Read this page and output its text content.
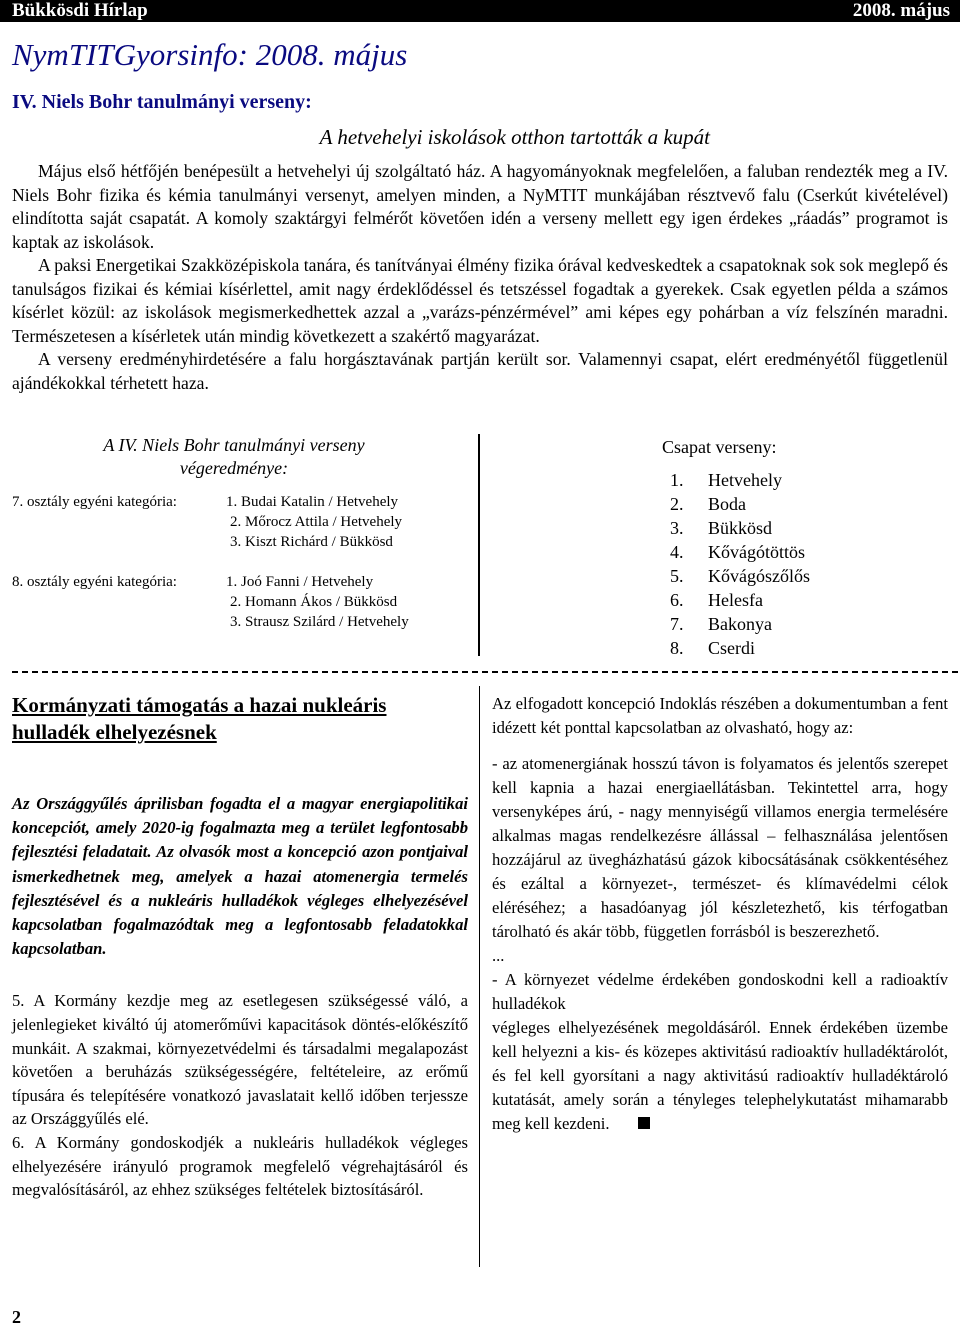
Bükkösdi Hírlap	2008. május
NymTITGyorsinfo: 2008. május
IV. Niels Bohr tanulmányi verseny:
A hetvehelyi iskolások otthon tartották a kupát

Május első hétfőjén benépesült a hetvehelyi új szolgáltató ház. A hagyományoknak megfelelően, a faluban rendezték meg a IV. Niels Bohr fizika és kémia tanulmányi versenyt, amelyen minden, a NyMTIT munkájában résztvevő falu (Cserkút kivételével) elindította saját csapatát. A komoly szaktárgyi felmérőt követően idén a verseny mellett egy igen érdekes „ráadás” programot is kaptak az iskolások.

A paksi Energetikai Szakközépiskola tanára, és tanítványai élmény fizika órával kedveskedtek a csapatoknak sok sok meglepő és tanulságos fizikai és kémiai kísérlettel, amit nagy érdeklődéssel és tetszéssel fogadtak a gyerekek. Csak egyetlen példa a számos kísérlet közül: az iskolások megismerkedhettek azzal a „varázs-pénzérmével” ami képes egy pohárban a víz felszínén maradni. Természetesen a kísérletek után mindig következett a szakértő magyarázat.

A verseny eredményhirdetésére a falu horgásztavának partján került sor. Valamennyi csapat, elért eredményétől függetlenül ajándékokkal térhetett haza.

A IV. Niels Bohr tanulmányi verseny
végeredménye:
7. osztály egyéni kategória:	1. Budai Katalin / Hetvehely
2. Mőrocz Attila / Hetvehely
3. Kiszt Richárd / Bükkösd
8. osztály egyéni kategória:	1. Joó Fanni / Hetvehely
2. Homann Ákos / Bükkösd
3. Strausz Szilárd / Hetvehely
Csapat verseny:
1. Hetvehely
2. Boda
3. Bükkösd
4. Kővágótöttös
5. Kővágószőlős
6. Helesfa
7. Bakonya
8. Cserdi
Kormányzati támogatás a hazai nukleáris hulladék elhelyezésnek
Az Országgyűlés áprilisban fogadta el a magyar energiapolitikai koncepciót, amely 2020-ig fogalmazta meg a terület legfontosabb fejlesztési feladatait. Az olvasók most a koncepció azon pontjaival ismerkedhetnek meg, amelyek a hazai atomenergia termelés fejlesztésével és a nukleáris hulladékok végleges elhelyezésével kapcsolatban fogalmazódtak meg a legfontosabb feladatokkal kapcsolatban.

5. A Kormány kezdje meg az esetlegesen szükségessé váló, a jelenlegieket kiváltó új atomerőművi kapacitások döntés-előkészítő munkáit. A szakmai, környezetvédelmi és társadalmi megalapozást követően a beruházás szükségességére, feltételeire, az erőmű típusára és telepítésére vonatkozó javaslatait kellő időben terjessze az Országgyűlés elé.

6. A Kormány gondoskodjék a nukleáris hulladékok végleges elhelyezésére irányuló programok megfelelő végrehajtásáról és megvalósításáról, az ehhez szükséges feltételek biztosításáról.

Az elfogadott koncepció Indoklás részében a dokumentumban a fent idézett két ponttal kapcsolatban az olvasható, hogy az:

- az atomenergiának hosszú távon is folyamatos és jelentős szerepet kell kapnia a hazai energiaellátásban. Tekintettel arra, hogy versenyképes árú, - nagy mennyiségű villamos energia termelésére alkalmas magas rendelkezésre állással – felhasználása jelentősen hozzájárul az üvegházhatású gázok kibocsátásának csökkentéséhez és ezáltal a környezet-, természet- és klímavédelmi célok eléréséhez; a hasadóanyag jól készletezhető, kis térfogatban tárolható és akár több, független forrásból is beszerezhető.

...

- A környezet védelme érdekében gondoskodni kell a radioaktív hulladékok

végleges elhelyezésének megoldásáról. Ennek érdekében üzembe kell helyezni a kis- és közepes aktivitású radioaktív hulladéktárolót, és fel kell gyorsítani a nagy aktivitású radioaktív hulladéktároló kutatását, amely során a tényleges telephelykutatást mihamarabb meg kell kezdeni.

2
